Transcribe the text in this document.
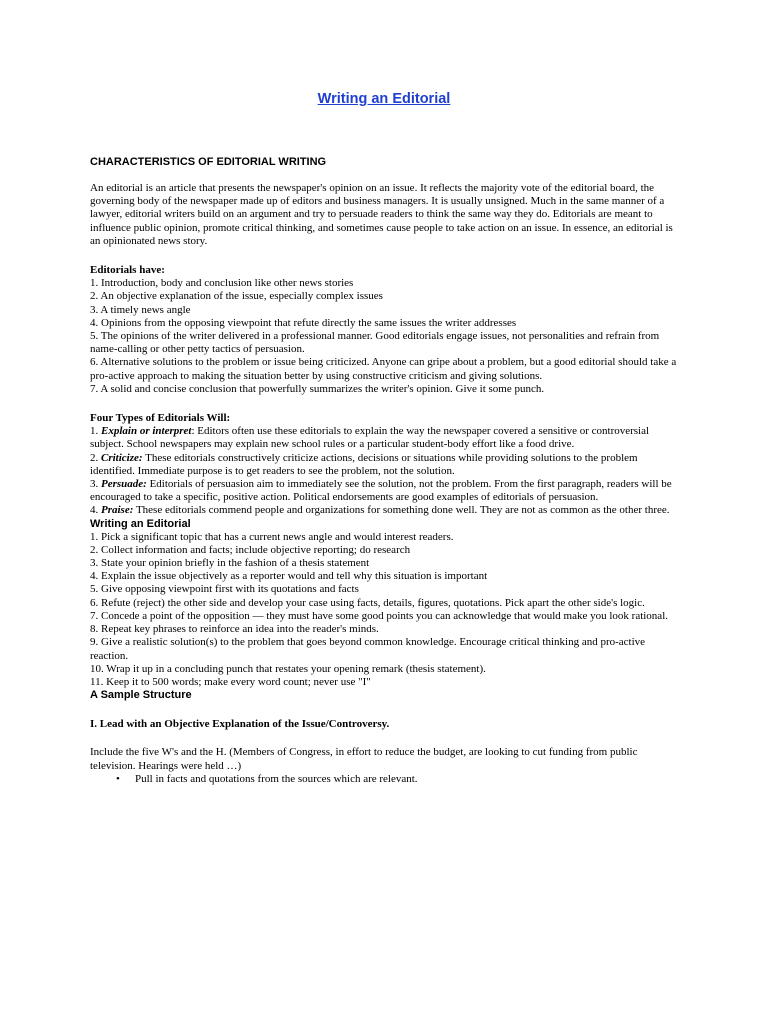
Writing an Editorial
CHARACTERISTICS OF EDITORIAL WRITING

An editorial is an article that presents the newspaper's opinion on an issue. It reflects the majority vote of the editorial board, the governing body of the newspaper made up of editors and business managers. It is usually unsigned. Much in the same manner of a lawyer, editorial writers build on an argument and try to persuade readers to think the same way they do. Editorials are meant to influence public opinion, promote critical thinking, and sometimes cause people to take action on an issue. In essence, an editorial is an opinionated news story.

Editorials have:

1. Introduction, body and conclusion like other news stories
2. An objective explanation of the issue, especially complex issues
3. A timely news angle
4. Opinions from the opposing viewpoint that refute directly the same issues the writer addresses
5. The opinions of the writer delivered in a professional manner. Good editorials engage issues, not personalities and refrain from name-calling or other petty tactics of persuasion.
6. Alternative solutions to the problem or issue being criticized. Anyone can gripe about a problem, but a good editorial should take a pro-active approach to making the situation better by using constructive criticism and giving solutions.
7. A solid and concise conclusion that powerfully summarizes the writer's opinion. Give it some punch.

Four Types of Editorials Will:

1. Explain or interpret: Editors often use these editorials to explain the way the newspaper covered a sensitive or controversial subject. School newspapers may explain new school rules or a particular student-body effort like a food drive.
2. Criticize: These editorials constructively criticize actions, decisions or situations while providing solutions to the problem identified. Immediate purpose is to get readers to see the problem, not the solution.
3. Persuade: Editorials of persuasion aim to immediately see the solution, not the problem. From the first paragraph, readers will be encouraged to take a specific, positive action. Political endorsements are good examples of editorials of persuasion.
4. Praise: These editorials commend people and organizations for something done well. They are not as common as the other three.
Writing an Editorial
1. Pick a significant topic that has a current news angle and would interest readers.
2. Collect information and facts; include objective reporting; do research
3. State your opinion briefly in the fashion of a thesis statement
4. Explain the issue objectively as a reporter would and tell why this situation is important
5. Give opposing viewpoint first with its quotations and facts
6. Refute (reject) the other side and develop your case using facts, details, figures, quotations. Pick apart the other side's logic.
7. Concede a point of the opposition — they must have some good points you can acknowledge that would make you look rational.
8. Repeat key phrases to reinforce an idea into the reader's minds.
9. Give a realistic solution(s) to the problem that goes beyond common knowledge. Encourage critical thinking and pro-active reaction.
10. Wrap it up in a concluding punch that restates your opening remark (thesis statement).
11. Keep it to 500 words; make every word count; never use "I"
A Sample Structure

I. Lead with an Objective Explanation of the Issue/Controversy.

Include the five W's and the H. (Members of Congress, in effort to reduce the budget, are looking to cut funding from public television. Hearings were held …)

• Pull in facts and quotations from the sources which are relevant.
